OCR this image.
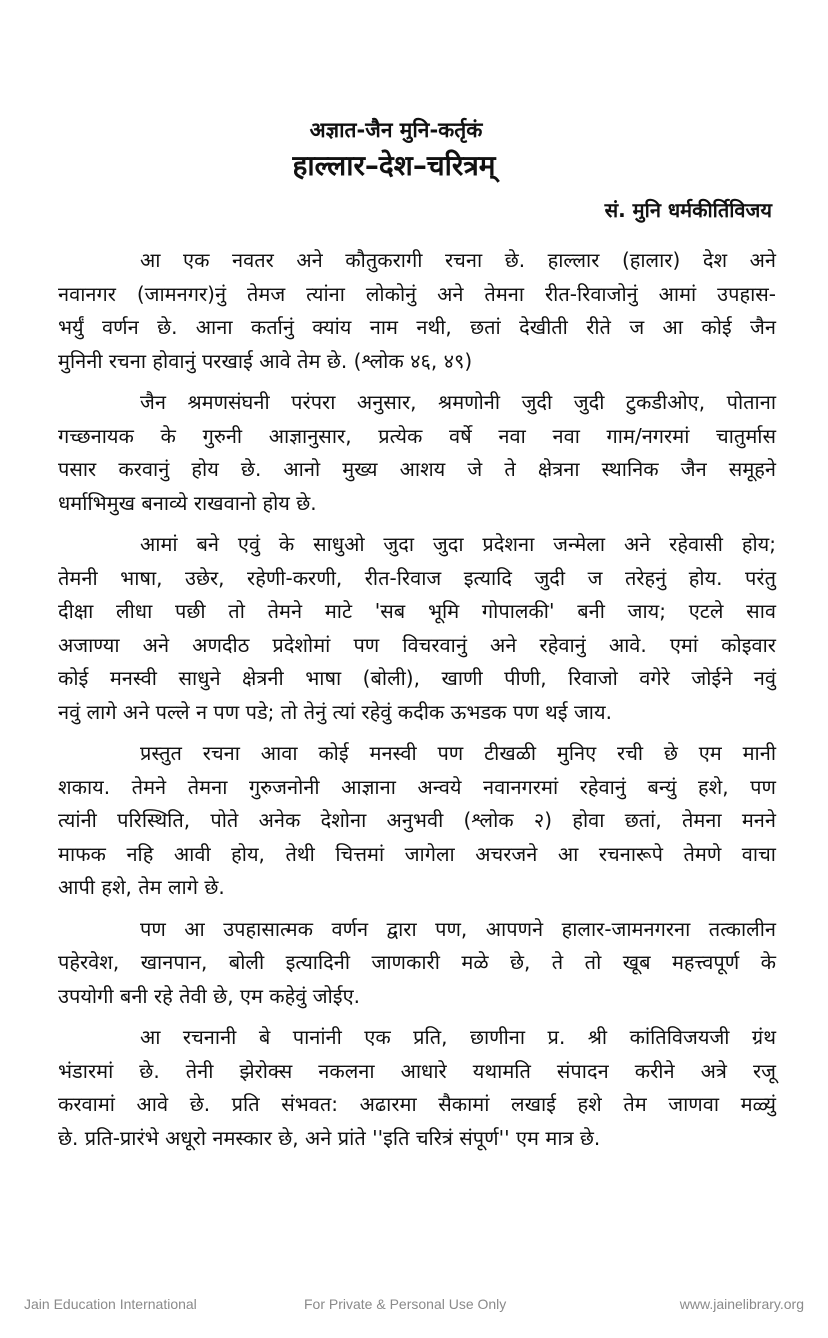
अज्ञात-जैन मुनि-कर्तृकं
हाल्लार–देश–चरित्रम्
सं. मुनि धर्मकीर्तिविजय
आ एक नवतर अने कौतुकरागी रचना छे. हाल्लार (हालार) देश अने
नवानगर (जामनगर)नुं तेमज त्यांना लोकोनुं अने तेमना रीत-रिवाजोनुं आमां उपहास-
भर्युं वर्णन छे. आना कर्तानुं क्यांय नाम नथी, छतां देखीती रीते ज आ कोई जैन
मुनिनी रचना होवानुं परखाई आवे तेम छे. (श्लोक ४६, ४९)
जैन श्रमणसंघनी परंपरा अनुसार, श्रमणोनी जुदी जुदी टुकडीओए, पोताना
गच्छनायक के गुरुनी आज्ञानुसार, प्रत्येक वर्षे नवा नवा गाम/नगरमां चातुर्मास
पसार करवानुं होय छे. आनो मुख्य आशय जे ते क्षेत्रना स्थानिक जैन समूहने
धर्माभिमुख बनाव्ये राखवानो होय छे.
आमां बने एवुं के साधुओ जुदा जुदा प्रदेशना जन्मेला अने रहेवासी होय;
तेमनी भाषा, उछेर, रहेणी-करणी, रीत-रिवाज इत्यादि जुदी ज तरेहनुं होय. परंतु
दीक्षा लीधा पछी तो तेमने माटे 'सब भूमि गोपालकी' बनी जाय; एटले साव
अजाण्या अने अणदीठ प्रदेशोमां पण विचरवानुं अने रहेवानुं आवे. एमां कोइवार
कोई मनस्वी साधुने क्षेत्रनी भाषा (बोली), खाणी पीणी, रिवाजो वगेरे जोईने नवुं
नवुं लागे अने पल्ले न पण पडे; तो तेनुं त्यां रहेवुं कदीक ऊभडक पण थई जाय.
प्रस्तुत रचना आवा कोई मनस्वी पण टीखळी मुनिए रची छे एम मानी
शकाय. तेमने तेमना गुरुजनोनी आज्ञाना अन्वये नवानगरमां रहेवानुं बन्युं हशे, पण
त्यांनी परिस्थिति, पोते अनेक देशोना अनुभवी (श्लोक २) होवा छतां, तेमना मनने
माफक नहि आवी होय, तेथी चित्तमां जागेला अचरजने आ रचनारूपे तेमणे वाचा
आपी हशे, तेम लागे छे.
पण आ उपहासात्मक वर्णन द्वारा पण, आपणने हालार-जामनगरना तत्कालीन
पहेरवेश, खानपान, बोली इत्यादिनी जाणकारी मळे छे, ते तो खूब महत्त्वपूर्ण के
उपयोगी बनी रहे तेवी छे, एम कहेवुं जोईए.
आ रचनानी बे पानांनी एक प्रति, छाणीना प्र. श्री कांतिविजयजी ग्रंथ
भंडारमां छे. तेनी झेरोक्स नकलना आधारे यथामति संपादन करीने अत्रे रजू
करवामां आवे छे. प्रति संभवत: अढारमा सैकामां लखाई हशे तेम जाणवा मळ्युं
छे. प्रति-प्रारंभे अधूरो नमस्कार छे, अने प्रांते ''इति चरित्रं संपूर्ण'' एम मात्र छे.
Jain Education International	For Private & Personal Use Only	www.jainelibrary.org
